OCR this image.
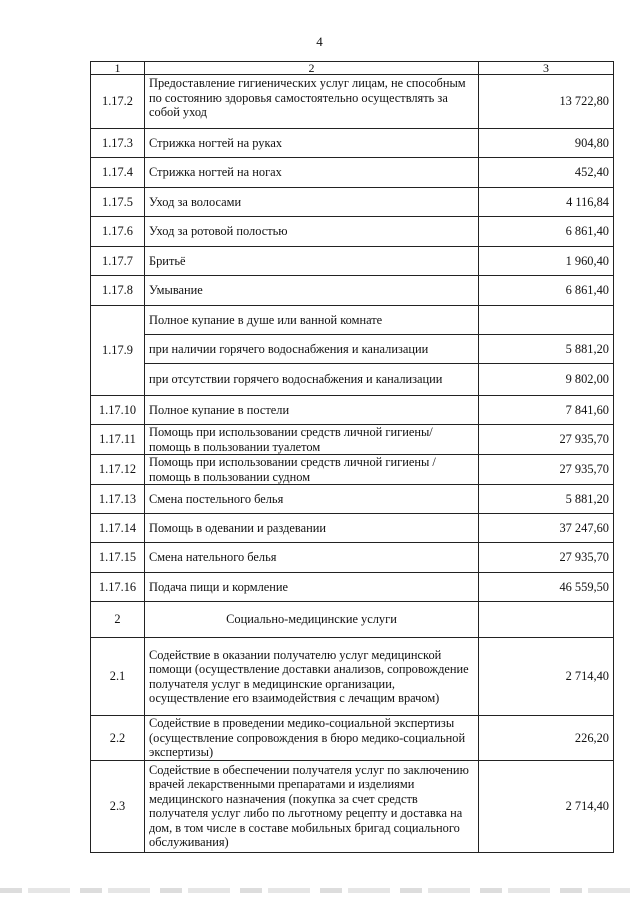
4
1	2	3
1.17.2	Предоставление гигиенических услуг лицам, не способным по состоянию здоровья самостоятельно осуществлять за собой уход	13 722,80
1.17.3	Стрижка ногтей на руках	904,80
1.17.4	Стрижка ногтей на ногах	452,40
1.17.5	Уход за волосами	4 116,84
1.17.6	Уход за ротовой полостью	6 861,40
1.17.7	Бритьё	1 960,40
1.17.8	Умывание	6 861,40
1.17.9	Полное купание в душе или ванной комнате	
	при наличии горячего водоснабжения и канализации	5 881,20
	при отсутствии горячего водоснабжения и канализации	9 802,00
1.17.10	Полное купание в постели	7 841,60
1.17.11	Помощь при использовании средств личной гигиены/помощь в пользовании туалетом	27 935,70
1.17.12	Помощь при использовании средств личной гигиены / помощь в пользовании судном	27 935,70
1.17.13	Смена постельного белья	5 881,20
1.17.14	Помощь в одевании и раздевании	37 247,60
1.17.15	Смена нательного белья	27 935,70
1.17.16	Подача пищи и кормление	46 559,50
2	Социально-медицинские услуги	
2.1	Содействие в оказании получателю услуг медицинской помощи (осуществление доставки анализов, сопровождение получателя услуг в медицинские организации, осуществление его взаимодействия с лечащим врачом)	2 714,40
2.2	Содействие в проведении медико-социальной экспертизы (осуществление сопровождения в бюро медико-социальной экспертизы)	226,20
2.3	Содействие в обеспечении получателя услуг по заключению врачей лекарственными препаратами и изделиями медицинского назначения (покупка за счет средств получателя услуг либо по льготному рецепту и доставка на дом, в том числе в составе мобильных бригад социального обслуживания)	2 714,40
